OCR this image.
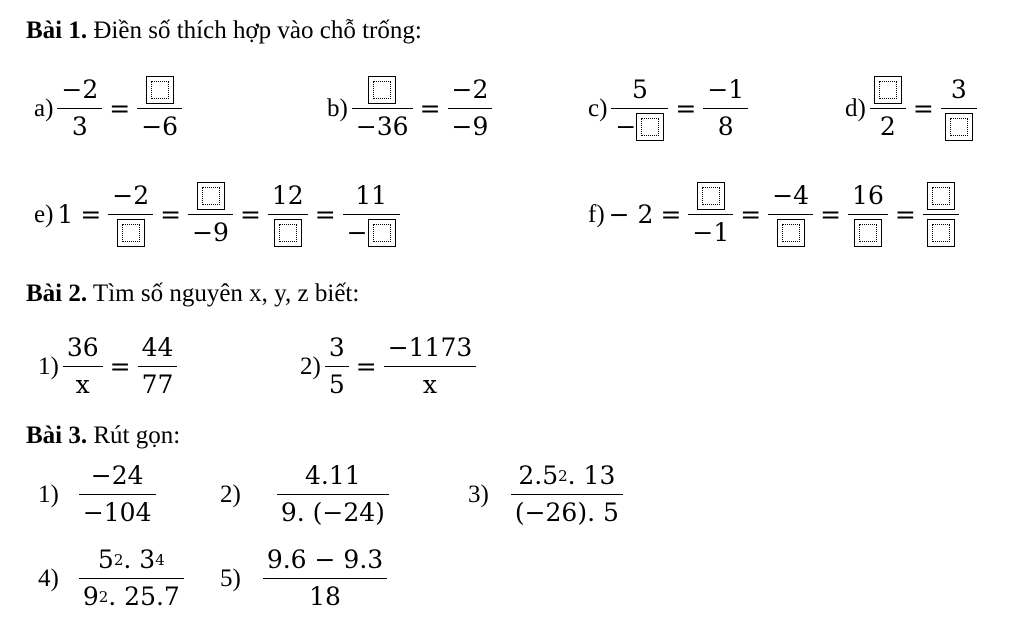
Bài 1. Điền số thích hợp vào chỗ trống:
$a) \frac{-2}{3}$ =
−6
b)
−36
= $\frac{-2}{-9}$	$c) \frac{5}{-} = \frac{-1}{8}$	d)
2
=
3
e) 1 =
−2
=
−9
=
12
= $\frac{11}{-}$	f) − 2 =
−1
=
−4
=
16
=
Bài 2. Tìm số nguyên x, y, z biết:
$1) \frac{36}{x} = \frac{44}{77}$	$2) \frac{3}{5} = \frac{-1173}{x}$
Bài 3. Rút gọn:
$1) \frac{-24}{-104}$	$2) \frac{4.11}{9. (-24)}$	$3) \frac{2.5 2 . 13}{(-26). 5}$
$4) \frac{5 2 . 3 4}{9 2 . 25.7} 5) \frac{9.6 - 9.3}{18}$
